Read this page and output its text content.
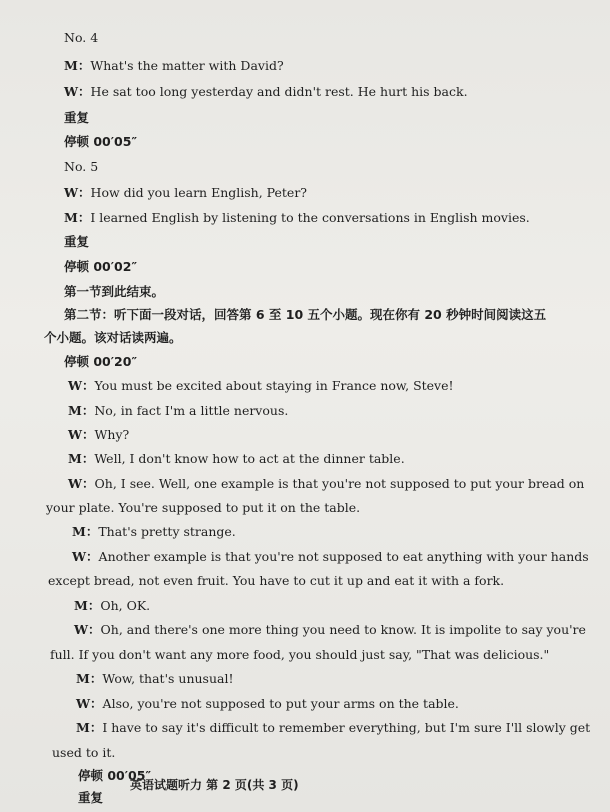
No. 4
M：What's the matter with David?
W：He sat too long yesterday and didn't rest. He hurt his back.
重复
停顿 00′05″
No. 5
W：How did you learn English, Peter?
M：I learned English by listening to the conversations in English movies.
重复
停顿 00′02″
第一节到此结束。
第二节：听下面一段对话，回答第 6 至 10 五个小题。现在你有 20 秒钟时间阅读这五
个小题。该对话读两遍。
停顿 00′20″
W：You must be excited about staying in France now, Steve!
M：No, in fact I'm a little nervous.
W：Why?
M：Well, I don't know how to act at the dinner table.
W：Oh, I see. Well, one example is that you're not supposed to put your bread on
your plate. You're supposed to put it on the table.
M：That's pretty strange.
W：Another example is that you're not supposed to eat anything with your hands
except bread, not even fruit. You have to cut it up and eat it with a fork.
M：Oh, OK.
W：Oh, and there's one more thing you need to know. It is impolite to say you're
full. If you don't want any more food, you should just say, "That was delicious."
M：Wow, that's unusual!
W：Also, you're not supposed to put your arms on the table.
M：I have to say it's difficult to remember everything, but I'm sure I'll slowly get
used to it.
停顿 00′05″
重复
英语试题听力 第 2 页(共 3 页)
